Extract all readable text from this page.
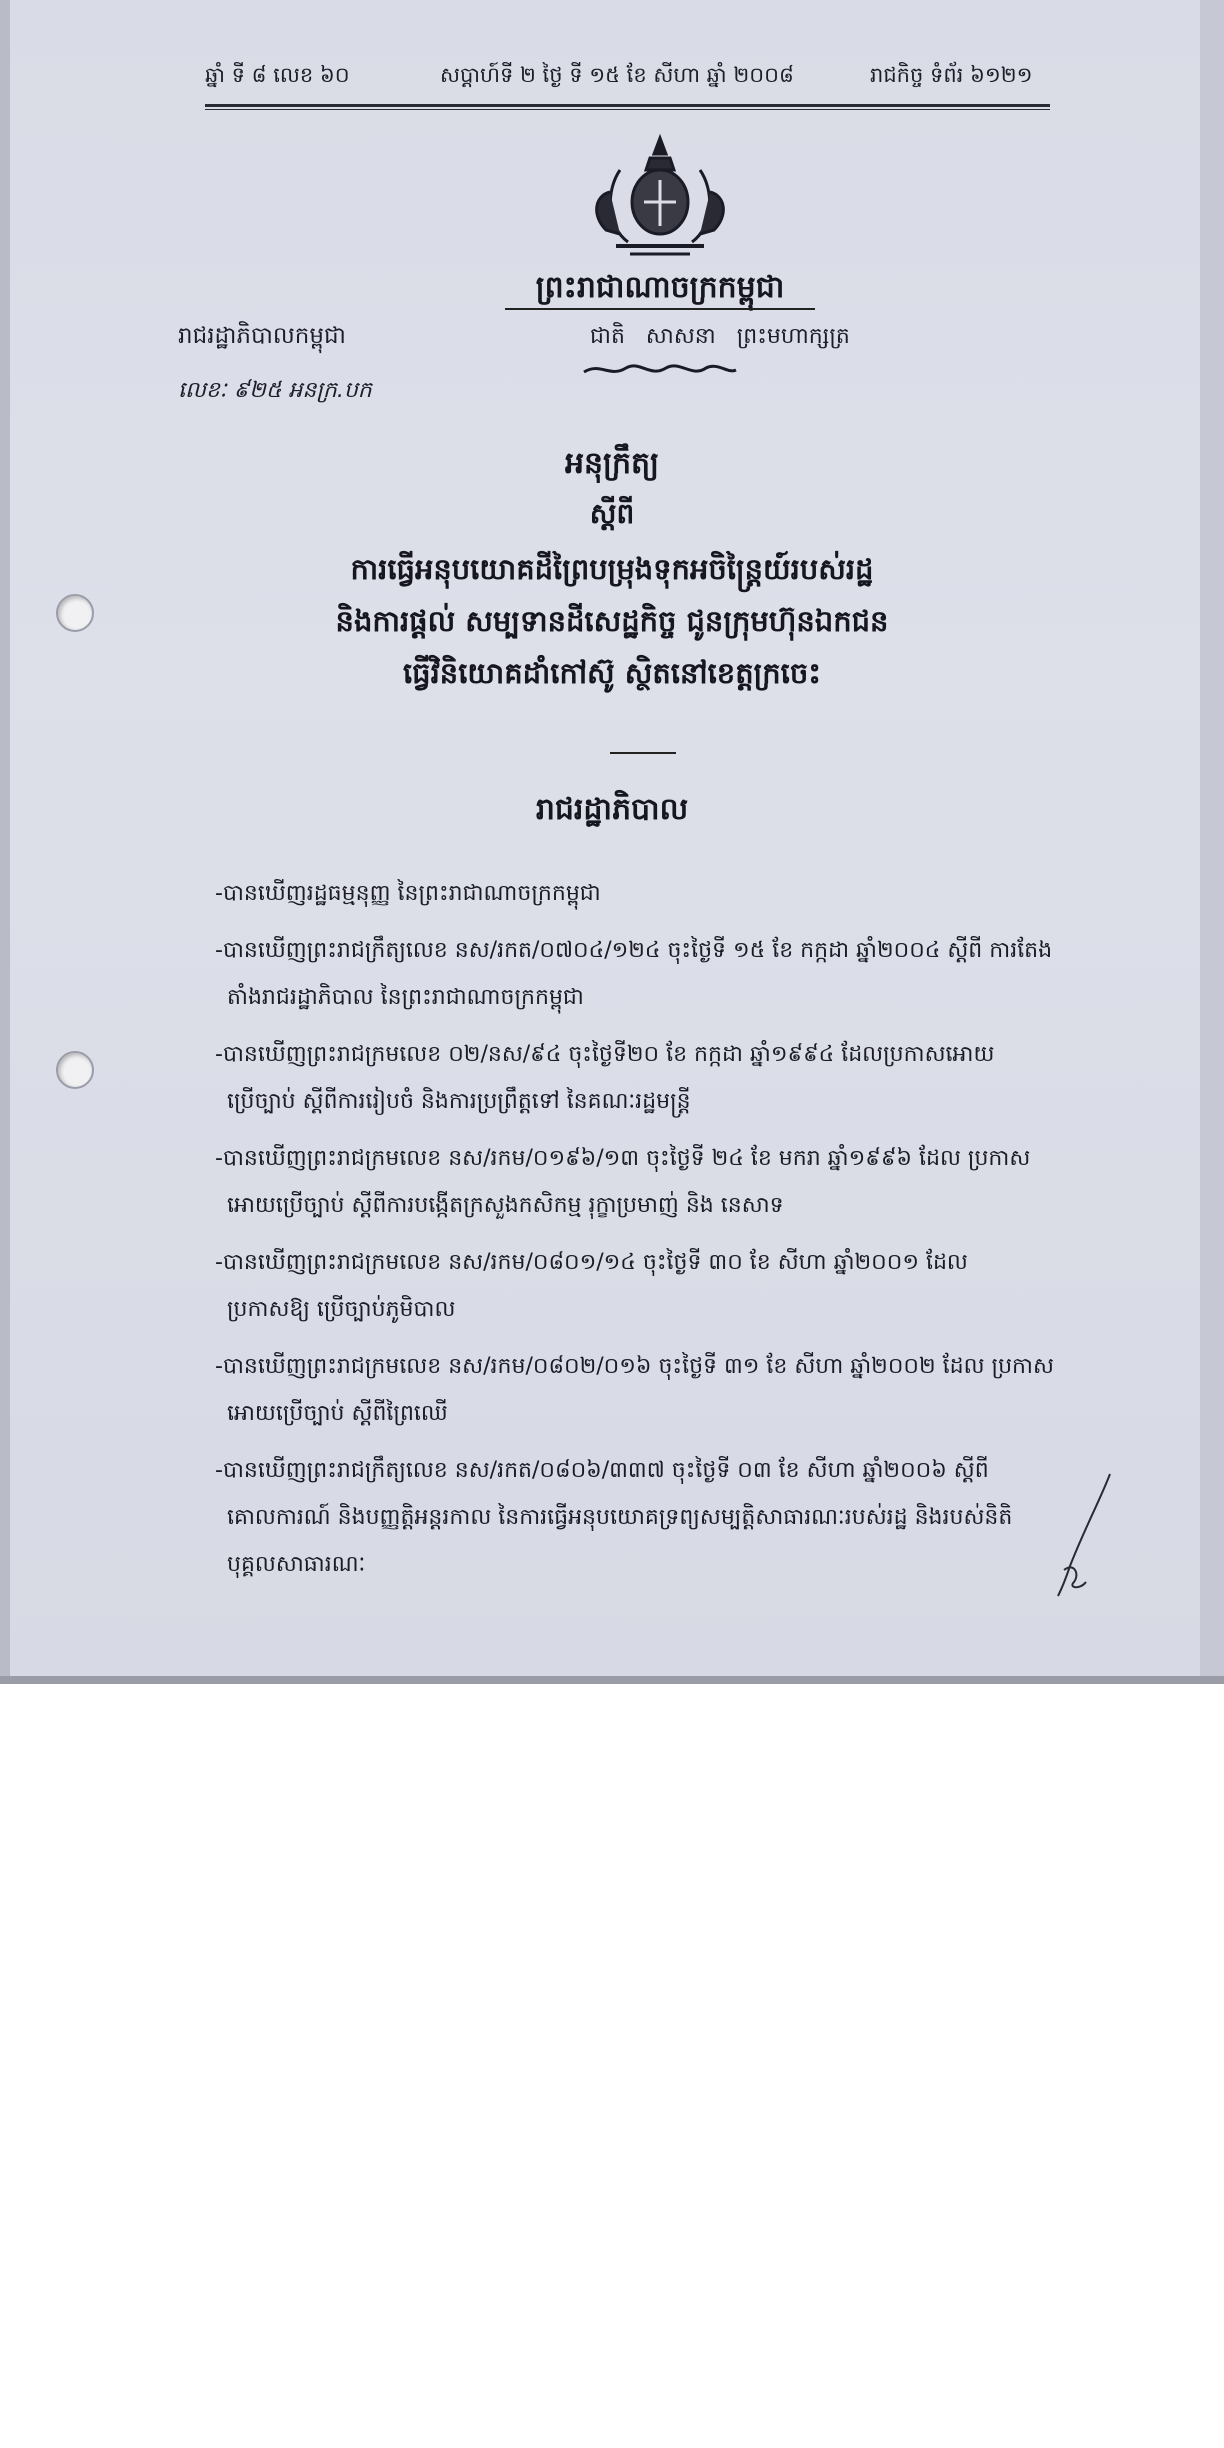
ឆ្នាំ ទី ៨ លេខ ៦០	សប្តាហ៍ទី ២ ថ្ងៃ ទី ១៥ ខែ សីហា ឆ្នាំ ២០០៨	រាជកិច្ច ទំព័រ ៦១២១
ព្រះរាជាណាចក្រកម្ពុជា
រាជរដ្ឋាភិបាលកម្ពុជា	ជាតិ សាសនា ព្រះមហាក្សត្រ
លេខៈ ៩២៥ អនក្រ.បក
អនុក្រឹត្យ
ស្តីពី
ការធ្វើអនុបយោគដីព្រៃបម្រុងទុកអចិន្ត្រៃយ៍របស់រដ្ឋ
និងការផ្តល់ សម្បទានដីសេដ្ឋកិច្ច ជូនក្រុមហ៊ុនឯកជន
ធ្វើវិនិយោគដាំកៅស៊ូ ស្ថិតនៅខេត្តក្រចេះ
រាជរដ្ឋាភិបាល

-បានឃើញរដ្ឋធម្មនុញ្ញ នៃព្រះរាជាណាចក្រកម្ពុជា

-បានឃើញព្រះរាជក្រឹត្យលេខ នស/រកត/០៧០៤/១២៤ ចុះថ្ងៃទី ១៥ ខែ កក្កដា ឆ្នាំ២០០៤ ស្តីពី ការតែង
តាំងរាជរដ្ឋាភិបាល នៃព្រះរាជាណាចក្រកម្ពុជា

-បានឃើញព្រះរាជក្រមលេខ ០២/នស/៩៤ ចុះថ្ងៃទី២០ ខែ កក្កដា ឆ្នាំ១៩៩៤ ដែលប្រកាសអោយ
ប្រើច្បាប់ ស្តីពីការរៀបចំ និងការប្រព្រឹត្តទៅ នៃគណៈរដ្ឋមន្ត្រី

-បានឃើញព្រះរាជក្រមលេខ នស/រកម/០១៩៦/១៣ ចុះថ្ងៃទី ២៤ ខែ មករា ឆ្នាំ១៩៩៦ ដែល ប្រកាស
អោយប្រើច្បាប់ ស្តីពីការបង្កើតក្រសួងកសិកម្ម រុក្ខាប្រមាញ់ និង នេសាទ

-បានឃើញព្រះរាជក្រមលេខ នស/រកម/០៨០១/១៤ ចុះថ្ងៃទី ៣០ ខែ សីហា ឆ្នាំ២០០១ ដែល
ប្រកាសឱ្យ ប្រើច្បាប់ភូមិបាល

-បានឃើញព្រះរាជក្រមលេខ នស/រកម/០៨០២/០១៦ ចុះថ្ងៃទី ៣១ ខែ សីហា ឆ្នាំ២០០២ ដែល ប្រកាស
អោយប្រើច្បាប់ ស្តីពីព្រៃឈើ

-បានឃើញព្រះរាជក្រឹត្យលេខ នស/រកត/០៨០៦/៣៣៧ ចុះថ្ងៃទី ០៣ ខែ សីហា ឆ្នាំ២០០៦ ស្តីពី
គោលការណ៍ និងបញ្ញត្តិអន្តរកាល នៃការធ្វើអនុបយោគទ្រព្យសម្បត្តិសាធារណៈរបស់រដ្ឋ និងរបស់និតិ
បុគ្គលសាធារណៈ
